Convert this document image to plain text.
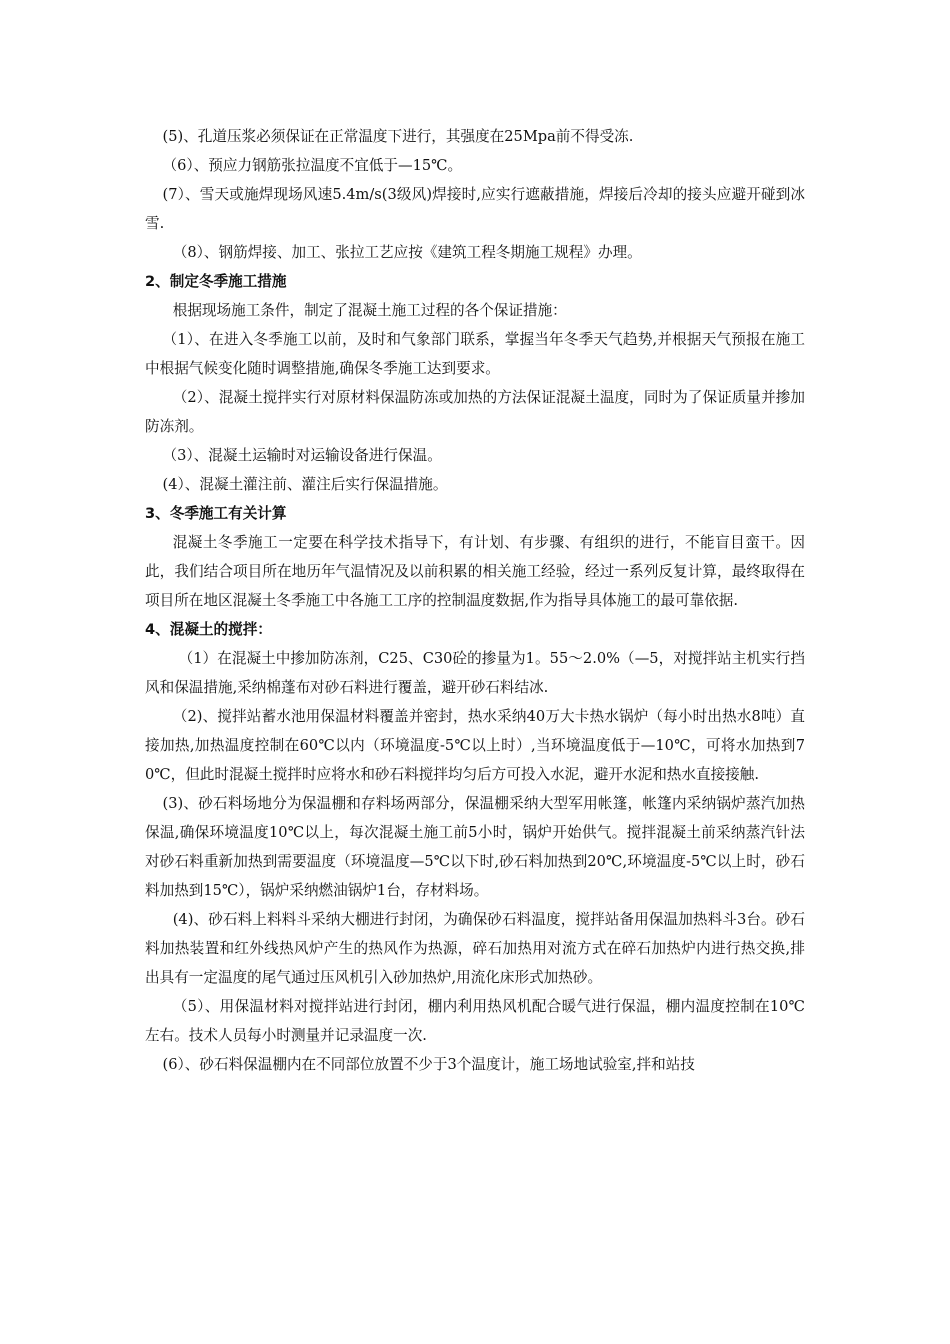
(5)、孔道压浆必须保证在正常温度下进行，其强度在25Mpa前不得受冻.

（6）、预应力钢筋张拉温度不宜低于—15℃。

(7）、雪天或施焊现场风速5.4m/s(3级风)焊接时,应实行遮蔽措施，焊接后冷却的接头应避开碰到冰雪.

（8）、钢筋焊接、加工、张拉工艺应按《建筑工程冬期施工规程》办理。

2、制定冬季施工措施

根据现场施工条件，制定了混凝土施工过程的各个保证措施：

（1）、在进入冬季施工以前，及时和气象部门联系，掌握当年冬季天气趋势,并根据天气预报在施工中根据气候变化随时调整措施,确保冬季施工达到要求。

（2）、混凝土搅拌实行对原材料保温防冻或加热的方法保证混凝土温度，同时为了保证质量并掺加防冻剂。

（3）、混凝土运输时对运输设备进行保温。

(4）、混凝土灌注前、灌注后实行保温措施。

3、冬季施工有关计算

混凝土冬季施工一定要在科学技术指导下，有计划、有步骤、有组织的进行，不能盲目蛮干。因此，我们结合项目所在地历年气温情况及以前积累的相关施工经验，经过一系列反复计算，最终取得在项目所在地区混凝土冬季施工中各施工工序的控制温度数据,作为指导具体施工的最可靠依据.

4、混凝土的搅拌：

（1）在混凝土中掺加防冻剂，C25、C30砼的掺量为1。55～2.0%（—5，对搅拌站主机实行挡风和保温措施,采纳棉蓬布对砂石料进行覆盖，避开砂石料结冰.

（2)、搅拌站蓄水池用保温材料覆盖并密封，热水采纳40万大卡热水锅炉（每小时出热水8吨）直接加热,加热温度控制在60℃以内（环境温度-5℃以上时）,当环境温度低于—10℃，可将水加热到70℃，但此时混凝土搅拌时应将水和砂石料搅拌均匀后方可投入水泥，避开水泥和热水直接接触.

(3)、砂石料场地分为保温棚和存料场两部分，保温棚采纳大型军用帐篷，帐篷内采纳锅炉蒸汽加热保温,确保环境温度10℃以上，每次混凝土施工前5小时，锅炉开始供气。搅拌混凝土前采纳蒸汽针法对砂石料重新加热到需要温度（环境温度—5℃以下时,砂石料加热到20℃,环境温度-5℃以上时，砂石料加热到15℃），锅炉采纳燃油锅炉1台，存材料场。

(4)、砂石料上料料斗采纳大棚进行封闭，为确保砂石料温度，搅拌站备用保温加热料斗3台。砂石料加热装置和红外线热风炉产生的热风作为热源，碎石加热用对流方式在碎石加热炉内进行热交换,排出具有一定温度的尾气通过压风机引入砂加热炉,用流化床形式加热砂。

（5）、用保温材料对搅拌站进行封闭，棚内利用热风机配合暖气进行保温，棚内温度控制在10℃左右。技术人员每小时测量并记录温度一次.

(6）、砂石料保温棚内在不同部位放置不少于3个温度计，施工场地试验室,拌和站技
